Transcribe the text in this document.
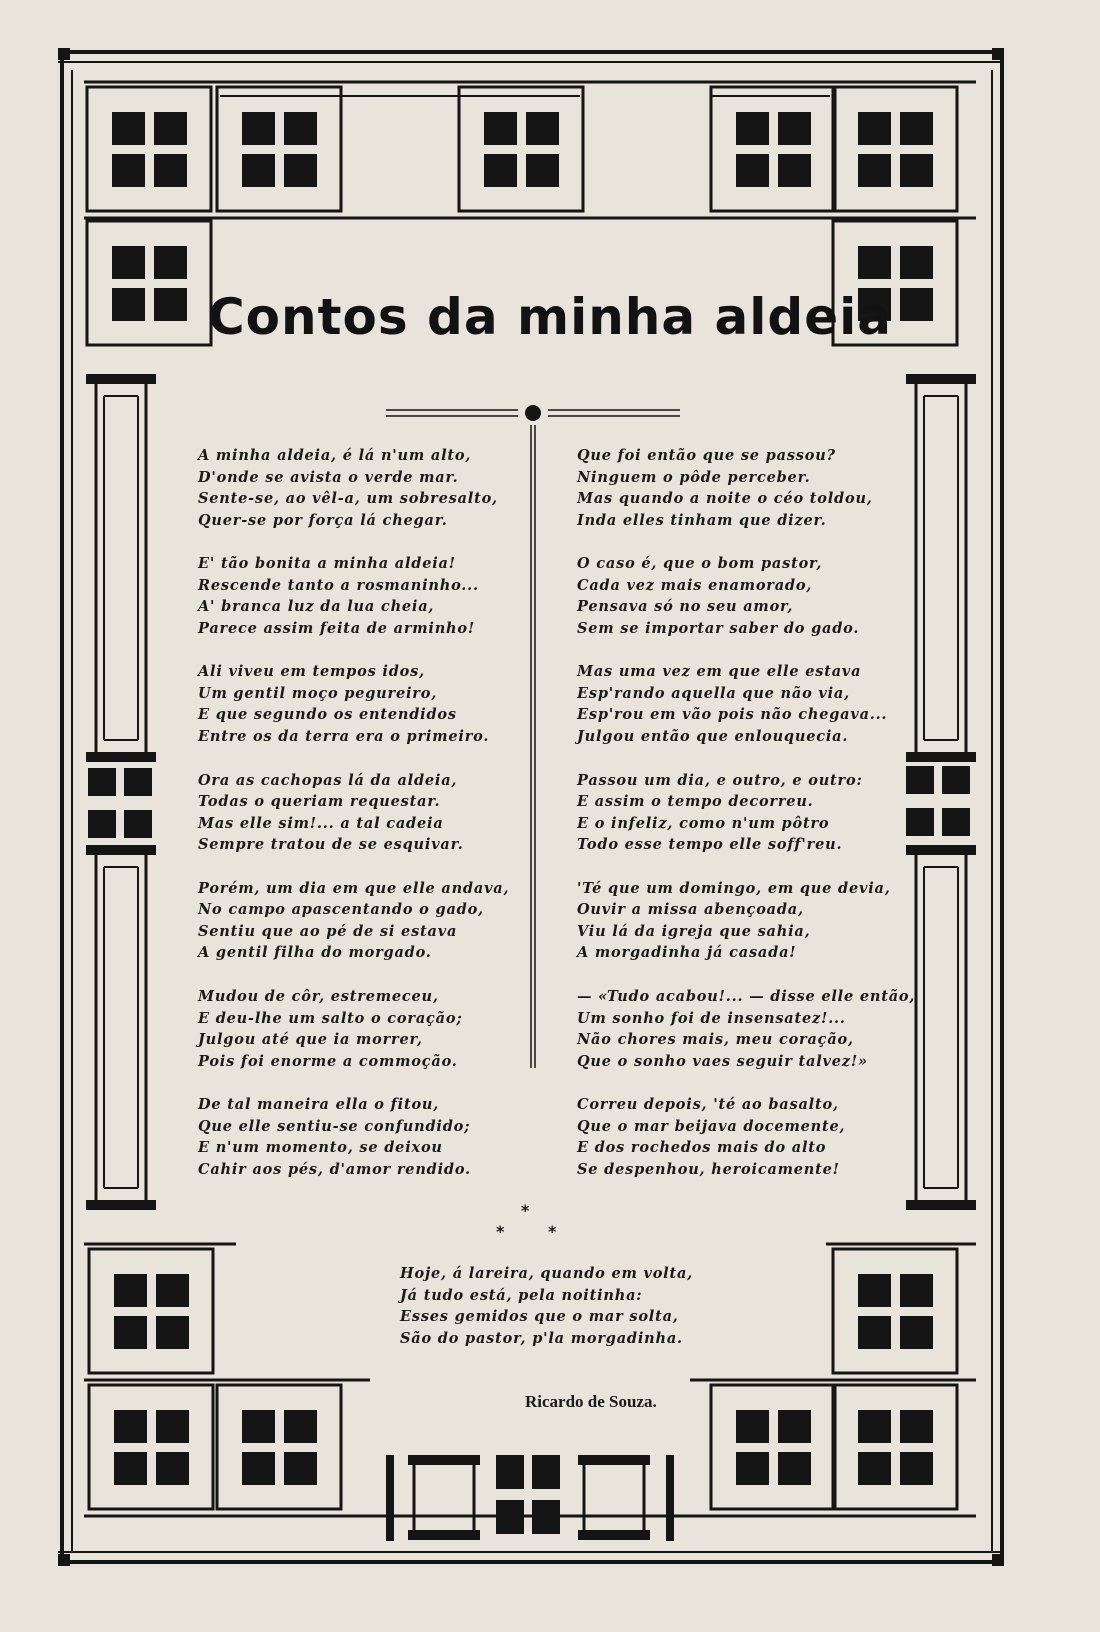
Contos da minha aldeia
A minha aldeia, é lá n'um alto,
D'onde se avista o verde mar.
Sente-se, ao vêl-a, um sobresalto,
Quer-se por força lá chegar.
E' tão bonita a minha aldeia!
Rescende tanto a rosmaninho...
A' branca luz da lua cheia,
Parece assim feita de arminho!
Ali viveu em tempos idos,
Um gentil moço pegureiro,
E que segundo os entendidos
Entre os da terra era o primeiro.
Ora as cachopas lá da aldeia,
Todas o queriam requestar.
Mas elle sim!... a tal cadeia
Sempre tratou de se esquivar.
Porém, um dia em que elle andava,
No campo apascentando o gado,
Sentiu que ao pé de si estava
A gentil filha do morgado.
Mudou de côr, estremeceu,
E deu-lhe um salto o coração;
Julgou até que ia morrer,
Pois foi enorme a commoção.
De tal maneira ella o fitou,
Que elle sentiu-se confundido;
E n'um momento, se deixou
Cahir aos pés, d'amor rendido.
Que foi então que se passou?
Ninguem o pôde perceber.
Mas quando a noite o céo toldou,
Inda elles tinham que dizer.
O caso é, que o bom pastor,
Cada vez mais enamorado,
Pensava só no seu amor,
Sem se importar saber do gado.
Mas uma vez em que elle estava
Esp'rando aquella que não via,
Esp'rou em vão pois não chegava...
Julgou então que enlouquecia.
Passou um dia, e outro, e outro:
E assim o tempo decorreu.
E o infeliz, como n'um pôtro
Todo esse tempo elle soff'reu.
'Té que um domingo, em que devia,
Ouvir a missa abençoada,
Viu lá da igreja que sahia,
A morgadinha já casada!
— «Tudo acabou!... — disse elle então,
Um sonho foi de insensatez!...
Não chores mais, meu coração,
Que o sonho vaes seguir talvez!»
Correu depois, 'té ao basalto,
Que o mar beijava docemente,
E dos rochedos mais do alto
Se despenhou, heroicamente!
*
*	*
Hoje, á lareira, quando em volta,
Já tudo está, pela noitinha:
Esses gemidos que o mar solta,
São do pastor, p'la morgadinha.
Ricardo de Souza.
